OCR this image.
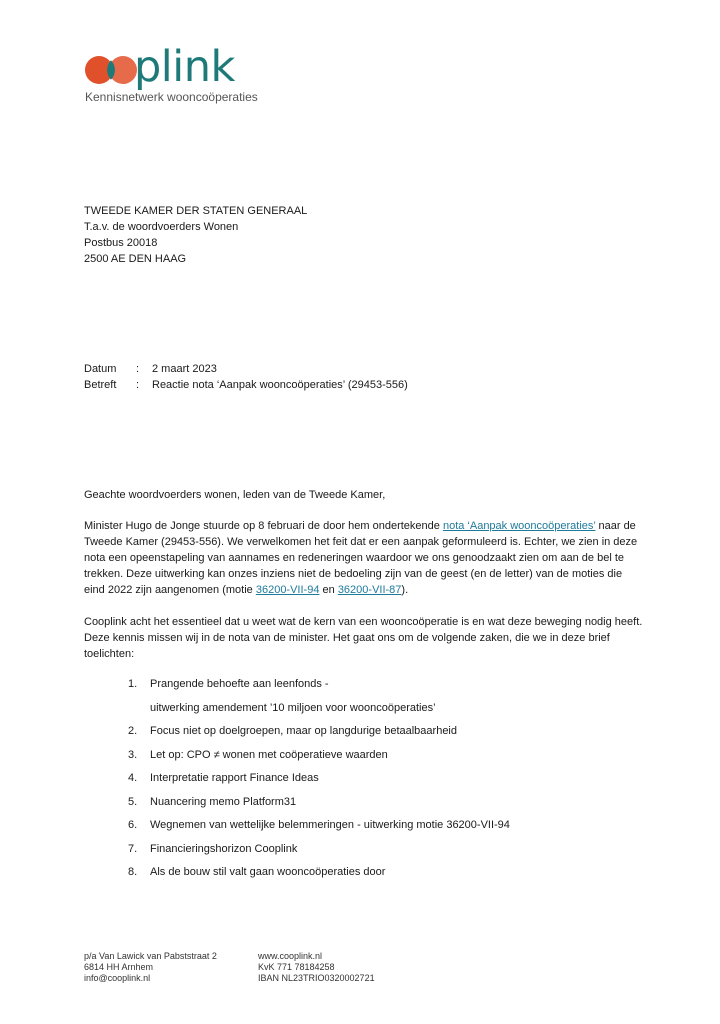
plink
Kennisnetwerk wooncoöperaties
TWEEDE KAMER DER STATEN GENERAAL
T.a.v. de woordvoerders Wonen
Postbus 20018
2500 AE DEN HAAG
Datum	:	2 maart 2023
Betreft	:	Reactie nota ‘Aanpak wooncoöperaties’ (29453-556)
Geachte woordvoerders wonen, leden van de Tweede Kamer,
Minister Hugo de Jonge stuurde op 8 februari de door hem ondertekende nota ‘Aanpak wooncoöperaties’ naar de Tweede Kamer (29453-556). We verwelkomen het feit dat er een aanpak geformuleerd is. Echter, we zien in deze nota een opeenstapeling van aannames en redeneringen waardoor we ons genoodzaakt zien om aan de bel te trekken. Deze uitwerking kan onzes inziens niet de bedoeling zijn van de geest (en de letter) van de moties die eind 2022 zijn aangenomen (motie 36200-VII-94 en 36200-VII-87).
Cooplink acht het essentieel dat u weet wat de kern van een wooncoöperatie is en wat deze beweging nodig heeft. Deze kennis missen wij in de nota van de minister. Het gaat ons om de volgende zaken, die we in deze brief toelichten:
1.	Prangende behoefte aan leenfonds -
uitwerking amendement ’10 miljoen voor wooncoöperaties’
2.	Focus niet op doelgroepen, maar op langdurige betaalbaarheid
3.	Let op: CPO ≠ wonen met coöperatieve waarden
4.	Interpretatie rapport Finance Ideas
5.	Nuancering memo Platform31
6.	Wegnemen van wettelijke belemmeringen - uitwerking motie 36200-VII-94
7.	Financieringshorizon Cooplink
8.	Als de bouw stil valt gaan wooncoöperaties door
p/a Van Lawick van Pabststraat 2
6814 HH Arnhem
info@cooplink.nl
www.cooplink.nl
KvK 771 78184258
IBAN NL23TRIO0320002721
